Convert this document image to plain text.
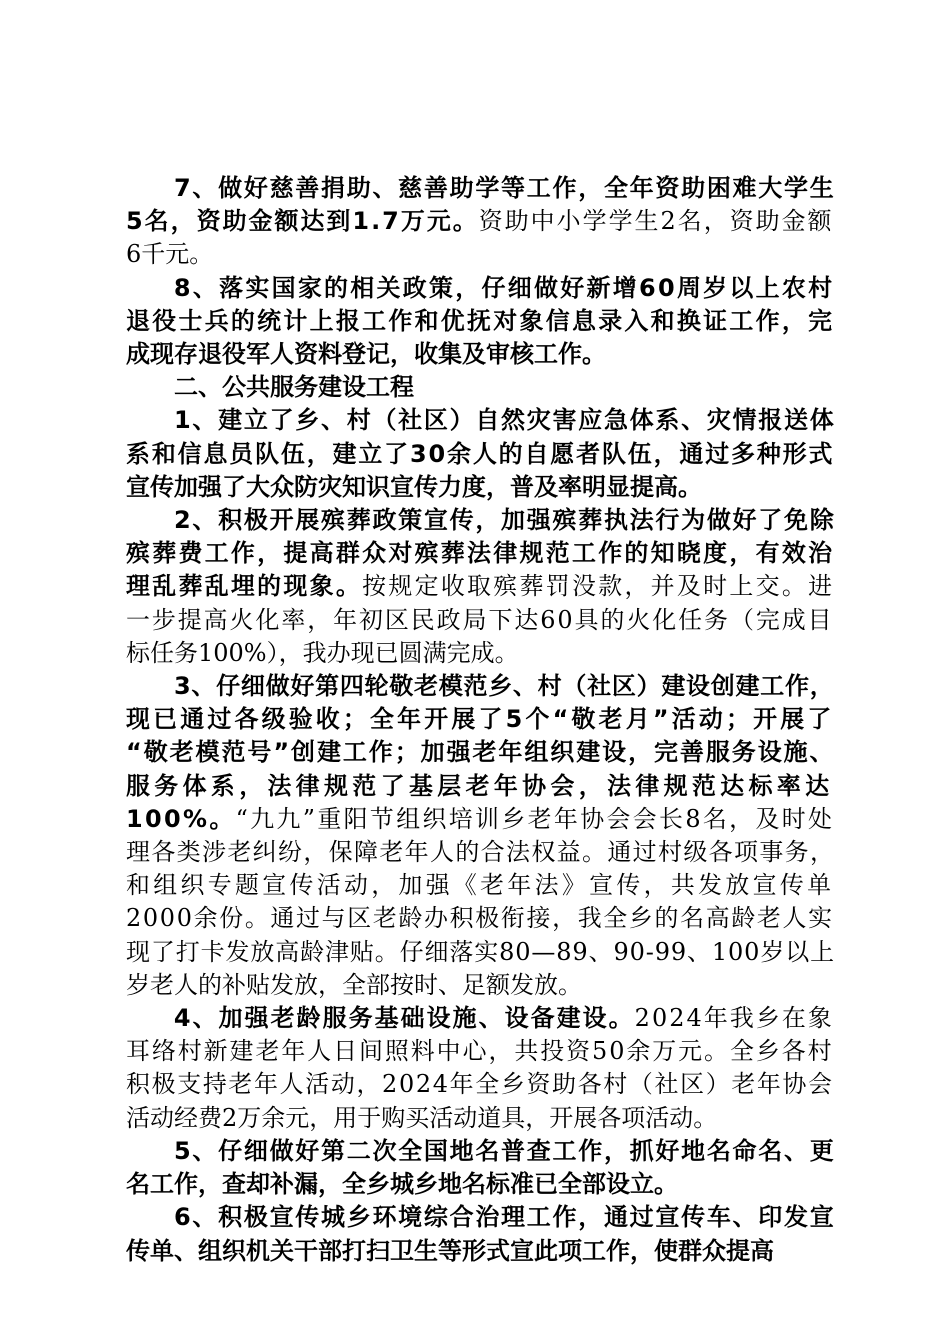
7、做好慈善捐助、慈善助学等工作，全年资助困难大学生
5名，资助金额达到1.7万元。资助中小学学生2名，资助金额
6千元。
8、落实国家的相关政策，仔细做好新增60周岁以上农村
退役士兵的统计上报工作和优抚对象信息录入和换证工作，完
成现存退役军人资料登记，收集及审核工作。
二、公共服务建设工程
1、建立了乡、村（社区）自然灾害应急体系、灾情报送体
系和信息员队伍，建立了30余人的自愿者队伍，通过多种形式
宣传加强了大众防灾知识宣传力度，普及率明显提高。
2、积极开展殡葬政策宣传，加强殡葬执法行为做好了免除
殡葬费工作，提高群众对殡葬法律规范工作的知晓度，有效治
理乱葬乱埋的现象。按规定收取殡葬罚没款，并及时上交。进
一步提高火化率，年初区民政局下达60具的火化任务（完成目
标任务100%），我办现已圆满完成。
3、仔细做好第四轮敬老模范乡、村（社区）建设创建工作，
现已通过各级验收；全年开展了5个“敬老月”活动；开展了
“敬老模范号”创建工作；加强老年组织建设，完善服务设施、
服务体系，法律规范了基层老年协会，法律规范达标率达
100%。“九九”重阳节组织培训乡老年协会会长8名，及时处
理各类涉老纠纷，保障老年人的合法权益。通过村级各项事务，
和组织专题宣传活动，加强《老年法》宣传，共发放宣传单
2000余份。通过与区老龄办积极衔接，我全乡的名高龄老人实
现了打卡发放高龄津贴。仔细落实80—89、90-99、100岁以上
岁老人的补贴发放，全部按时、足额发放。
4、加强老龄服务基础设施、设备建设。2024年我乡在象
耳络村新建老年人日间照料中心，共投资50余万元。全乡各村
积极支持老年人活动，2024年全乡资助各村（社区）老年协会
活动经费2万余元，用于购买活动道具，开展各项活动。
5、仔细做好第二次全国地名普查工作，抓好地名命名、更
名工作，查却补漏，全乡城乡地名标准已全部设立。
6、积极宣传城乡环境综合治理工作，通过宣传车、印发宣
传单、组织机关干部打扫卫生等形式宣此项工作，使群众提高
